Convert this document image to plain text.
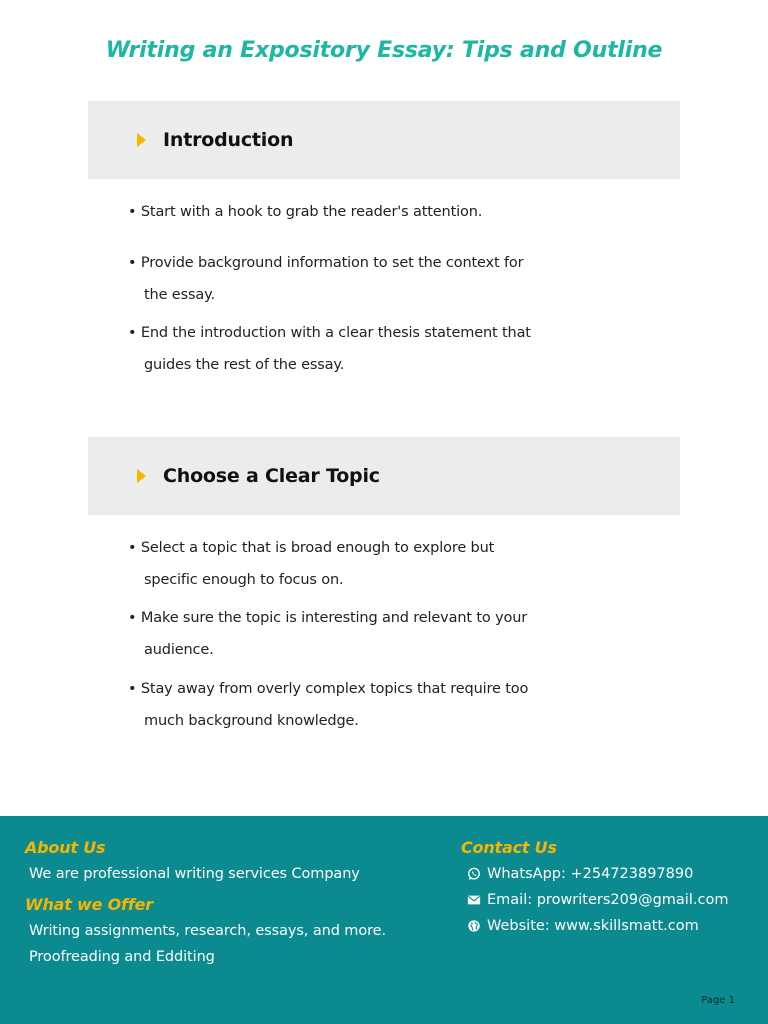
Writing an Expository Essay: Tips and Outline
Introduction
• Start with a hook to grab the reader's attention.
• Provide background information to set the context for
the essay.
• End the introduction with a clear thesis statement that
guides the rest of the essay.
Choose a Clear Topic
• Select a topic that is broad enough to explore but
specific enough to focus on.
• Make sure the topic is interesting and relevant to your
audience.
• Stay away from overly complex topics that require too
much background knowledge.
About Us
We are professional writing services Company
What we Offer
Writing assignments, research, essays, and more.
Proofreading and Edditing
Contact Us
WhatsApp: +254723897890
Email: prowriters209@gmail.com
Website: www.skillsmatt.com
Page 1
